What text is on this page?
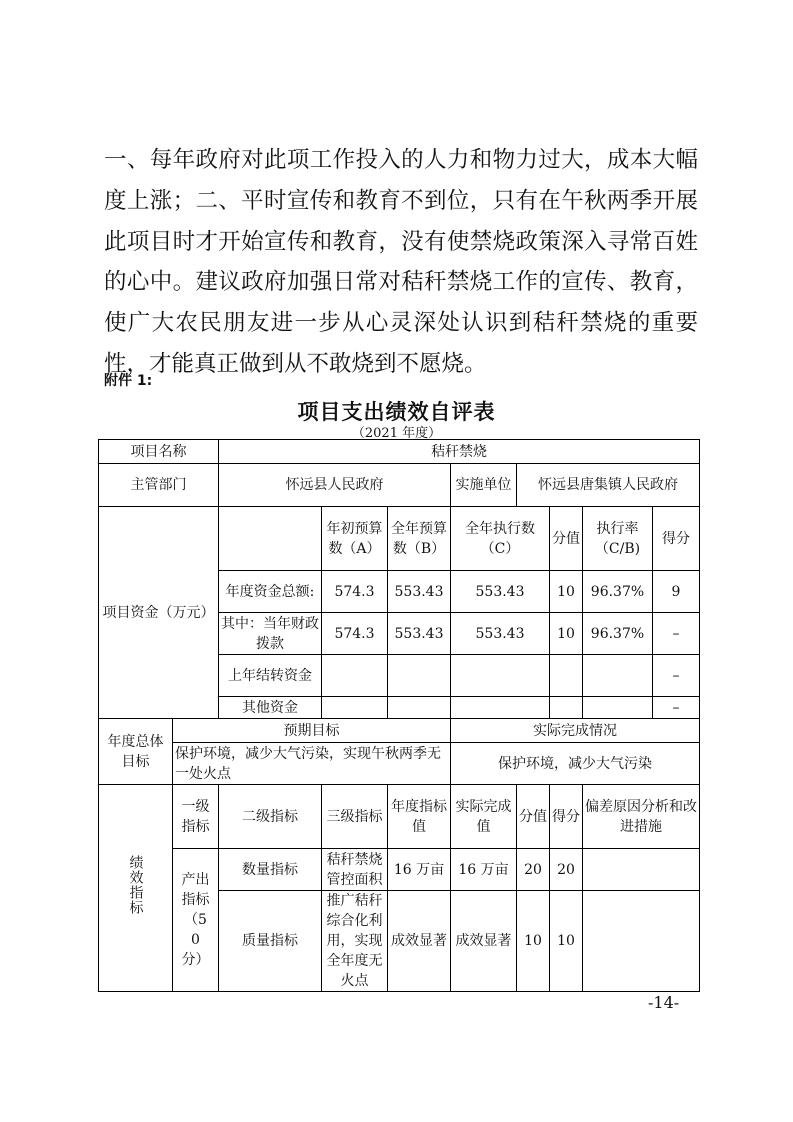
一、每年政府对此项工作投入的人力和物力过大，成本大幅度上涨；二、平时宣传和教育不到位，只有在午秋两季开展此项目时才开始宣传和教育，没有使禁烧政策深入寻常百姓的心中。建议政府加强日常对秸秆禁烧工作的宣传、教育，使广大农民朋友进一步从心灵深处认识到秸秆禁烧的重要性，才能真正做到从不敢烧到不愿烧。

附件 1:
项目支出绩效自评表
（2021 年度）
项目名称		秸秆禁烧							
主管部门		怀远县人民政府			实施单位	怀远县唐集镇人民政府			
项目资金（万元）			年初预算数（A）	全年预算数（B）	全年执行数（C）		分值	执行率（C/B)	得分
		年度资金总额:	574.3	553.43	553.43		10	96.37%	9
		其中：当年财政拨款	574.3	553.43	553.43		10	96.37%	–
		上年结转资金							–
		其他资金							–
年度总体目标	预期目标				实际完成情况				
	保护环境，减少大气污染，实现午秋两季无一处火点				保护环境，减少大气污染				
绩效指标	一级指标	二级指标	三级指标	年度指标值	实际完成值	分值	得分	偏差原因分析和改进措施	
	产出指标（50分）	数量指标	秸秆禁烧管控面积	16 万亩	16 万亩	20	20		
		质量指标	推广秸秆综合化利用，实现全年度无火点	成效显著	成效显著	10	10		
-14-
